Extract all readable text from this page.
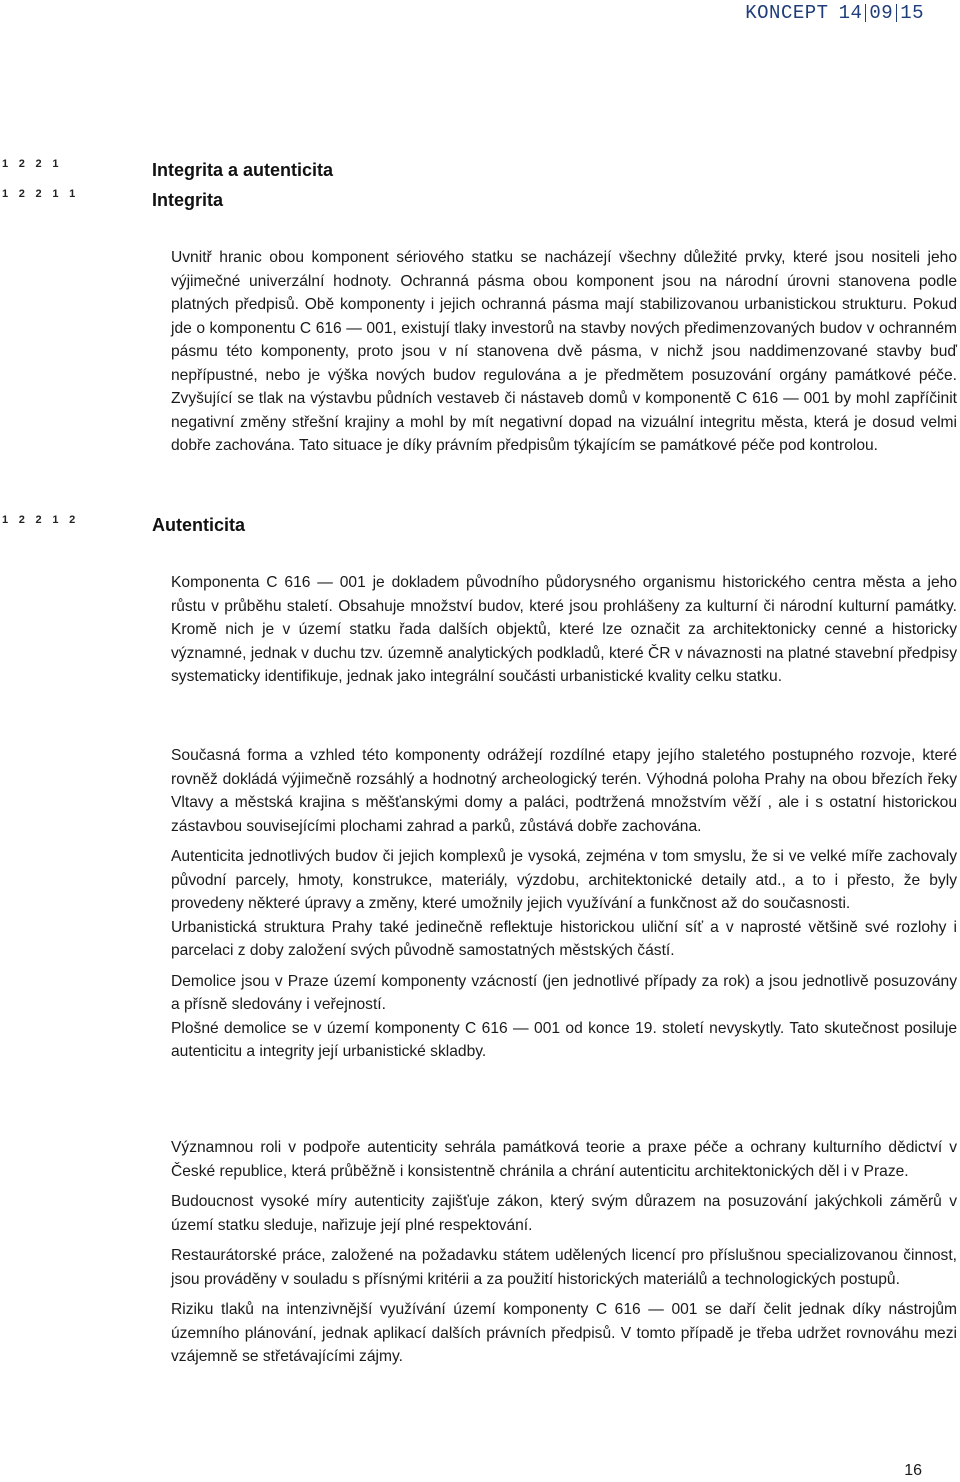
KONCEPT 14 09 15
1 2 2 1	Integrita a autenticita
1 2 2 1 1	Integrita

Uvnitř hranic obou komponent sériového statku se nacházejí všechny důležité prvky, které jsou nositeli jeho výjimečné univerzální hodnoty. Ochranná pásma obou komponent jsou na národní úrovni stanovena podle platných předpisů. Obě komponenty i jejich ochranná pásma mají stabilizovanou urbanistickou strukturu. Pokud jde o komponentu C 616 — 001, existují tlaky investorů na stavby nových předimenzovaných budov v ochranném pásmu této komponenty, proto jsou v ní stanovena dvě pásma, v nichž jsou naddimenzované stavby buď nepřípustné, nebo je výška nových budov regulována a je předmětem posuzování orgány památkové péče. Zvyšující se tlak na výstavbu půdních vestaveb či nástaveb domů v komponentě C 616 — 001 by mohl zapříčinit negativní změny střešní krajiny a mohl by mít negativní dopad na vizuální integritu města, která je dosud velmi dobře zachována. Tato situace je díky právním předpisům týkajícím se památkové péče pod kontrolou.

1 2 2 1 2	Autenticita

Komponenta C 616 — 001 je dokladem původního půdorysného organismu historického centra města a jeho růstu v průběhu staletí. Obsahuje množství budov, které jsou prohlášeny za kulturní či národní kulturní památky. Kromě nich je v území statku řada dalších objektů, které lze označit za architektonicky cenné a historicky významné, jednak v duchu tzv. územně analytických podkladů, které ČR v návaznosti na platné stavební předpisy systematicky identifikuje, jednak jako integrální součásti urbanistické kvality celku statku.

Současná forma a vzhled této komponenty odrážejí rozdílné etapy jejího staletého postupného rozvoje, které rovněž dokládá výjimečně rozsáhlý a hodnotný archeologický terén. Výhodná poloha Prahy na obou březích řeky Vltavy a městská krajina s měšťanskými domy a paláci, podtržená množstvím věží , ale i s ostatní historickou zástavbou souvisejícími plochami zahrad a parků, zůstává dobře zachována.

Autenticita jednotlivých budov či jejich komplexů je vysoká, zejména v tom smyslu, že si ve velké míře zachovaly původní parcely, hmoty, konstrukce, materiály, výzdobu, architektonické detaily atd., a to i přesto, že byly provedeny některé úpravy a změny, které umožnily jejich využívání a funkčnost až do současnosti.

Urbanistická struktura Prahy také jedinečně reflektuje historickou uliční síť a v naprosté většině své rozlohy i parcelaci z doby založení svých původně samostatných městských částí.

Demolice jsou v Praze území komponenty vzácností (jen jednotlivé případy za rok) a jsou jednotlivě posuzovány a přísně sledovány i veřejností.

Plošné demolice se v území komponenty C 616 — 001 od konce 19. století nevyskytly. Tato skutečnost posiluje autenticitu a integrity její urbanistické skladby.

Významnou roli v podpoře autenticity sehrála památková teorie a praxe péče a ochrany kulturního dědictví v České republice, která průběžně i konsistentně chránila a chrání autenticitu architektonických děl i v Praze.

Budoucnost vysoké míry autenticity zajišťuje zákon, který svým důrazem na posuzování jakýchkoli záměrů v území statku sleduje, nařizuje její plné respektování.

Restaurátorské práce, založené na požadavku státem udělených licencí pro příslušnou specializovanou činnost, jsou prováděny v souladu s přísnými kritérii a za použití historických materiálů a technologických postupů.

Riziku tlaků na intenzivnější využívání území komponenty C 616 — 001 se daří čelit jednak díky nástrojům územního plánování, jednak aplikací dalších právních předpisů. V tomto případě je třeba udržet rovnováhu mezi vzájemně se střetávajícími zájmy.

16
